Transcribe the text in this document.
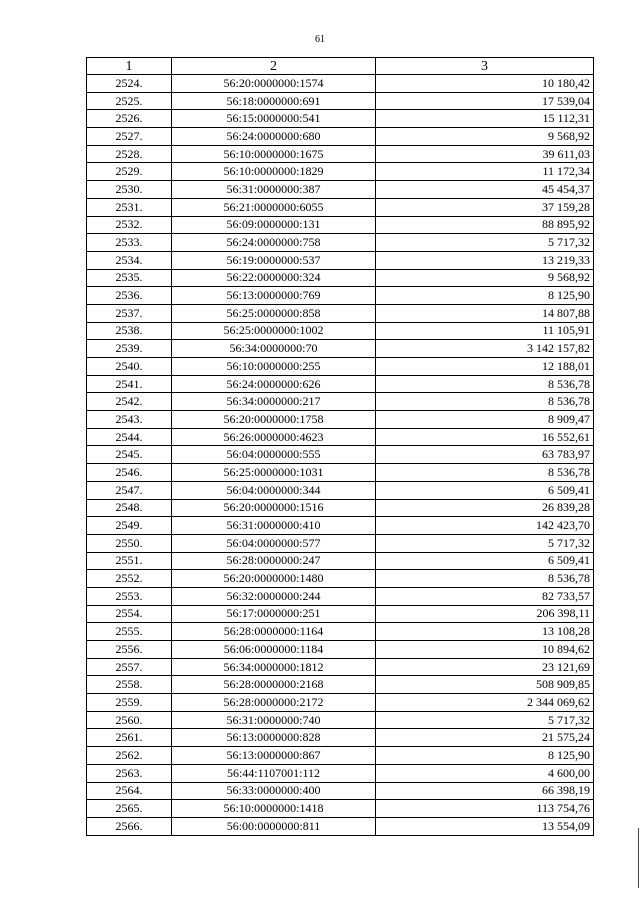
61
1	2	3
2524.	56:20:0000000:1574	10 180,42
2525.	56:18:0000000:691	17 539,04
2526.	56:15:0000000:541	15 112,31
2527.	56:24:0000000:680	9 568,92
2528.	56:10:0000000:1675	39 611,03
2529.	56:10:0000000:1829	11 172,34
2530.	56:31:0000000:387	45 454,37
2531.	56:21:0000000:6055	37 159,28
2532.	56:09:0000000:131	88 895,92
2533.	56:24:0000000:758	5 717,32
2534.	56:19:0000000:537	13 219,33
2535.	56:22:0000000:324	9 568,92
2536.	56:13:0000000:769	8 125,90
2537.	56:25:0000000:858	14 807,88
2538.	56:25:0000000:1002	11 105,91
2539.	56:34:0000000:70	3 142 157,82
2540.	56:10:0000000:255	12 188,01
2541.	56:24:0000000:626	8 536,78
2542.	56:34:0000000:217	8 536,78
2543.	56:20:0000000:1758	8 909,47
2544.	56:26:0000000:4623	16 552,61
2545.	56:04:0000000:555	63 783,97
2546.	56:25:0000000:1031	8 536,78
2547.	56:04:0000000:344	6 509,41
2548.	56:20:0000000:1516	26 839,28
2549.	56:31:0000000:410	142 423,70
2550.	56:04:0000000:577	5 717,32
2551.	56:28:0000000:247	6 509,41
2552.	56:20:0000000:1480	8 536,78
2553.	56:32:0000000:244	82 733,57
2554.	56:17:0000000:251	206 398,11
2555.	56:28:0000000:1164	13 108,28
2556.	56:06:0000000:1184	10 894,62
2557.	56:34:0000000:1812	23 121,69
2558.	56:28:0000000:2168	508 909,85
2559.	56:28:0000000:2172	2 344 069,62
2560.	56:31:0000000:740	5 717,32
2561.	56:13:0000000:828	21 575,24
2562.	56:13:0000000:867	8 125,90
2563.	56:44:1107001:112	4 600,00
2564.	56:33:0000000:400	66 398,19
2565.	56:10:0000000:1418	113 754,76
2566.	56:00:0000000:811	13 554,09
